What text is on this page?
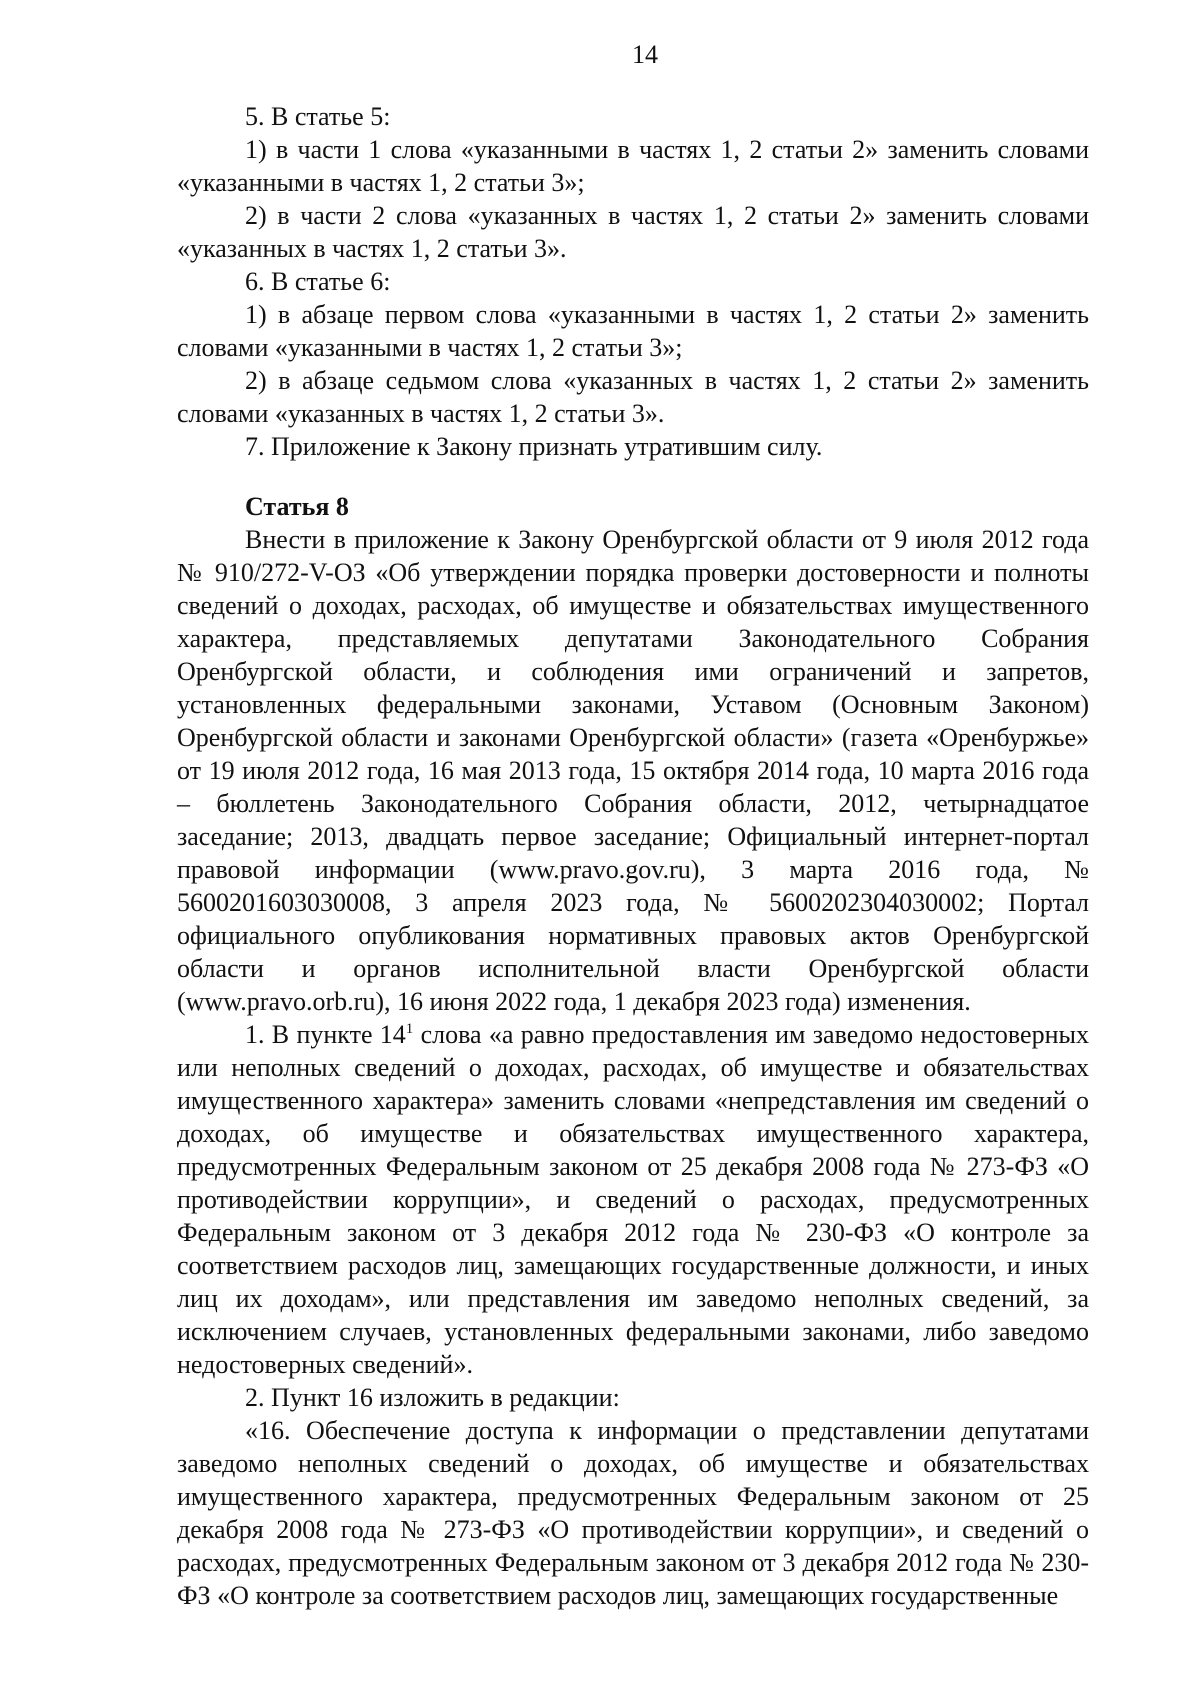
14

5. В статье 5:

1) в части 1 слова «указанными в частях 1, 2 статьи 2» заменить словами «указанными в частях 1, 2 статьи 3»;

2) в части 2 слова «указанных в частях 1, 2 статьи 2» заменить словами «указанных в частях 1, 2 статьи 3».

6. В статье 6:

1) в абзаце первом слова «указанными в частях 1, 2 статьи 2» заменить словами «указанными в частях 1, 2 статьи 3»;

2) в абзаце седьмом слова «указанных в частях 1, 2 статьи 2» заменить словами «указанных в частях 1, 2 статьи 3».

7. Приложение к Закону признать утратившим силу.

Статья 8

Внести в приложение к Закону Оренбургской области от 9 июля 2012 года № 910/272-V-ОЗ «Об утверждении порядка проверки достоверности и полноты сведений о доходах, расходах, об имуществе и обязательствах имущественного характера, представляемых депутатами Законодательного Собрания Оренбургской области, и соблюдения ими ограничений и запретов, установленных федеральными законами, Уставом (Основным Законом) Оренбургской области и законами Оренбургской области» (газета «Оренбуржье» от 19 июля 2012 года, 16 мая 2013 года, 15 октября 2014 года, 10 марта 2016 года – бюллетень Законодательного Собрания области, 2012, четырнадцатое заседание; 2013, двадцать первое заседание; Официальный интернет-портал правовой информации (www.pravo.gov.ru), 3 марта 2016 года, № 5600201603030008, 3 апреля 2023 года, № 5600202304030002; Портал официального опубликования нормативных правовых актов Оренбургской области и органов исполнительной власти Оренбургской области (www.pravo.orb.ru), 16 июня 2022 года, 1 декабря 2023 года) изменения.

1. В пункте $14^1$ слова «а равно предоставления им заведомо недостоверных или неполных сведений о доходах, расходах, об имуществе и обязательствах имущественного характера» заменить словами «непредставления им сведений о доходах, об имуществе и обязательствах имущественного характера, предусмотренных Федеральным законом от 25 декабря 2008 года № 273-ФЗ «О противодействии коррупции», и сведений о расходах, предусмотренных Федеральным законом от 3 декабря 2012 года № 230-ФЗ «О контроле за соответствием расходов лиц, замещающих государственные должности, и иных лиц их доходам», или представления им заведомо неполных сведений, за исключением случаев, установленных федеральными законами, либо заведомо недостоверных сведений».

2. Пункт 16 изложить в редакции:

«16. Обеспечение доступа к информации о представлении депутатами заведомо неполных сведений о доходах, об имуществе и обязательствах имущественного характера, предусмотренных Федеральным законом от 25 декабря 2008 года № 273-ФЗ «О противодействии коррупции», и сведений о расходах, предусмотренных Федеральным законом от 3 декабря 2012 года № 230-ФЗ «О контроле за соответствием расходов лиц, замещающих государственные
